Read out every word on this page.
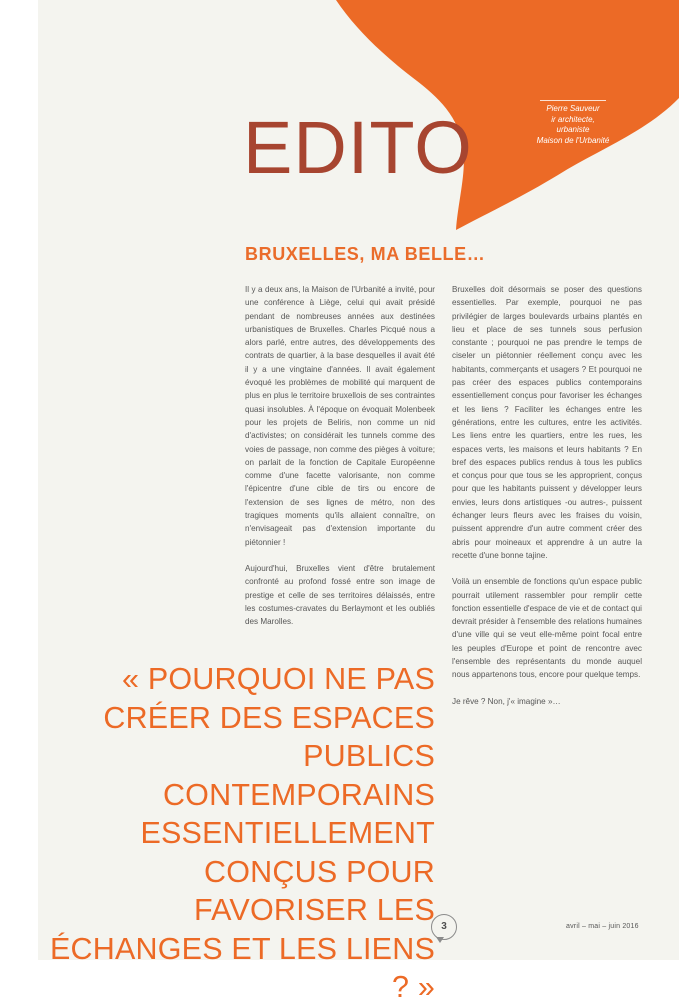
Pierre Sauveur
ir architecte,
urbaniste
Maison de l'Urbanité
EDITO
BRUXELLES, MA BELLE…

Il y a deux ans, la Maison de l'Urbanité a invité, pour une conférence à Liège, celui qui avait présidé pendant de nombreuses années aux destinées urbanistiques de Bruxelles. Charles Picqué nous a alors parlé, entre autres, des développements des contrats de quartier, à la base desquelles il avait été il y a une vingtaine d'années. Il avait également évoqué les problèmes de mobilité qui marquent de plus en plus le territoire bruxellois de ses contraintes quasi insolubles. À l'époque on évoquait Molenbeek pour les projets de Beliris, non comme un nid d'activistes; on considérait les tunnels comme des voies de passage, non comme des pièges à voiture; on parlait de la fonction de Capitale Européenne comme d'une facette valorisante, non comme l'épicentre d'une cible de tirs ou encore de l'extension de ses lignes de métro, non des tragiques moments qu'ils allaient connaître, on n'envisageait pas d'extension importante du piétonnier !

Aujourd'hui, Bruxelles vient d'être brutalement confronté au profond fossé entre son image de prestige et celle de ses territoires délaissés, entre les costumes-cravates du Berlaymont et les oubliés des Marolles.

Bruxelles doit désormais se poser des questions essentielles. Par exemple, pourquoi ne pas privilégier de larges boulevards urbains plantés en lieu et place de ses tunnels sous perfusion constante ; pourquoi ne pas prendre le temps de ciseler un piétonnier réellement conçu avec les habitants, commerçants et usagers ? Et pourquoi ne pas créer des espaces publics contemporains essentiellement conçus pour favoriser les échanges et les liens ? Faciliter les échanges entre les générations, entre les cultures, entre les activités. Les liens entre les quartiers, entre les rues, les espaces verts, les maisons et leurs habitants ? En bref des espaces publics rendus à tous les publics et conçus pour que tous se les approprient, conçus pour que les habitants puissent y développer leurs envies, leurs dons artistiques -ou autres-, puissent échanger leurs fleurs avec les fraises du voisin, puissent apprendre d'un autre comment créer des abris pour moineaux et apprendre à un autre la recette d'une bonne tajine.

Voilà un ensemble de fonctions qu'un espace public pourrait utilement rassembler pour remplir cette fonction essentielle d'espace de vie et de contact qui devrait présider à l'ensemble des relations humaines d'une ville qui se veut elle-même point focal entre les peuples d'Europe et point de rencontre avec l'ensemble des représentants du monde auquel nous appartenons tous, encore pour quelque temps.

Je rêve ? Non, j'« imagine »…

« POURQUOI NE PAS CRÉER DES ESPACES PUBLICS CONTEMPORAINS ESSENTIELLEMENT CONÇUS POUR FAVORISER LES ÉCHANGES ET LES LIENS ? »
3	avril – mai – juin 2016
